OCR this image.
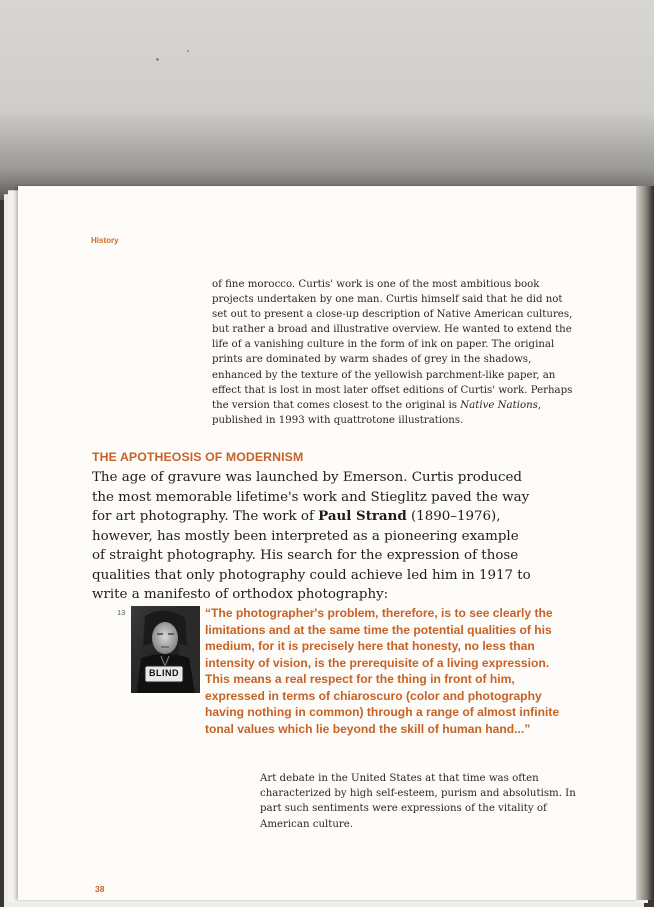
History

of fine morocco. Curtis' work is one of the most ambitious book projects undertaken by one man. Curtis himself said that he did not set out to present a close-up description of Native American cultures, but rather a broad and illustrative overview. He wanted to extend the life of a vanishing culture in the form of ink on paper. The original prints are dominated by warm shades of grey in the shadows, enhanced by the texture of the yellowish parchment-like paper, an effect that is lost in most later offset editions of Curtis' work. Perhaps the version that comes closest to the original is Native Nations, published in 1993 with quattrotone illustrations.

THE APOTHEOSIS OF MODERNISM

The age of gravure was launched by Emerson. Curtis produced the most memorable lifetime's work and Stieglitz paved the way for art photography. The work of Paul Strand (1890–1976), however, has mostly been interpreted as a pioneering example of straight photography. His search for the expression of those qualities that only photography could achieve led him in 1917 to write a manifesto of orthodox photography:

13
BLIND

“The photographer's problem, therefore, is to see clearly the limitations and at the same time the potential qualities of his medium, for it is precisely here that honesty, no less than intensity of vision, is the prerequisite of a living expression. This means a real respect for the thing in front of him, expressed in terms of chiaroscuro (color and photography having nothing in common) through a range of almost infinite tonal values which lie beyond the skill of human hand...”

Art debate in the United States at that time was often characterized by high self-esteem, purism and absolutism. In part such sentiments were expressions of the vitality of American culture.

38
